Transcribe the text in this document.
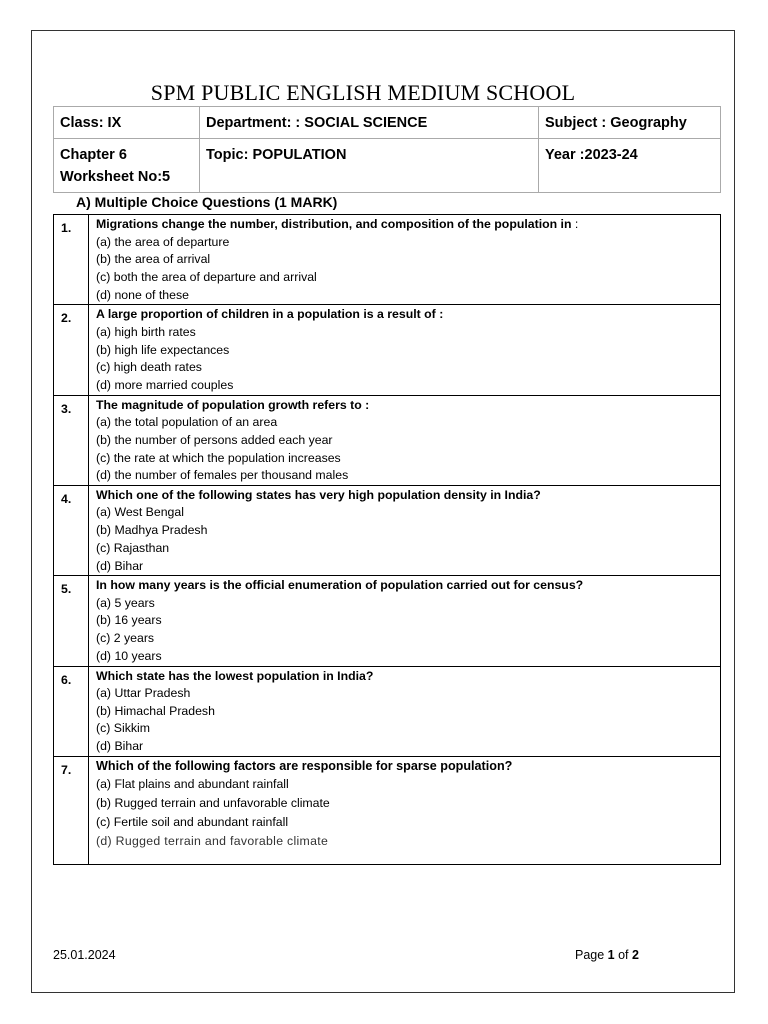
SPM PUBLIC ENGLISH MEDIUM SCHOOL
Class: IX	Department: : SOCIAL SCIENCE	Subject : Geography

Chapter 6
Worksheet No:5	Topic: POPULATION	Year :2023-24
A) Multiple Choice Questions (1 MARK)
1.	Migrations change the number, distribution, and composition of the population in :
(a) the area of departure
(b) the area of arrival
(c) both the area of departure and arrival
(d) none of these

2.	A large proportion of children in a population is a result of :
(a) high birth rates
(b) high life expectances
(c) high death rates
(d) more married couples

3.	The magnitude of population growth refers to :
(a) the total population of an area
(b) the number of persons added each year
(c) the rate at which the population increases
(d) the number of females per thousand males

4.	Which one of the following states has very high population density in India?
(a) West Bengal
(b) Madhya Pradesh
(c) Rajasthan
(d) Bihar

5.	In how many years is the official enumeration of population carried out for census?
(a) 5 years
(b) 16 years
(c) 2 years
(d) 10 years

6.	Which state has the lowest population in India?
(a) Uttar Pradesh
(b) Himachal Pradesh
(c) Sikkim
(d) Bihar

7.	Which of the following factors are responsible for sparse population?
(a) Flat plains and abundant rainfall
(b) Rugged terrain and unfavorable climate
(c) Fertile soil and abundant rainfall
(d) Rugged terrain and favorable climate
25.01.2024	Page 1 of 2
